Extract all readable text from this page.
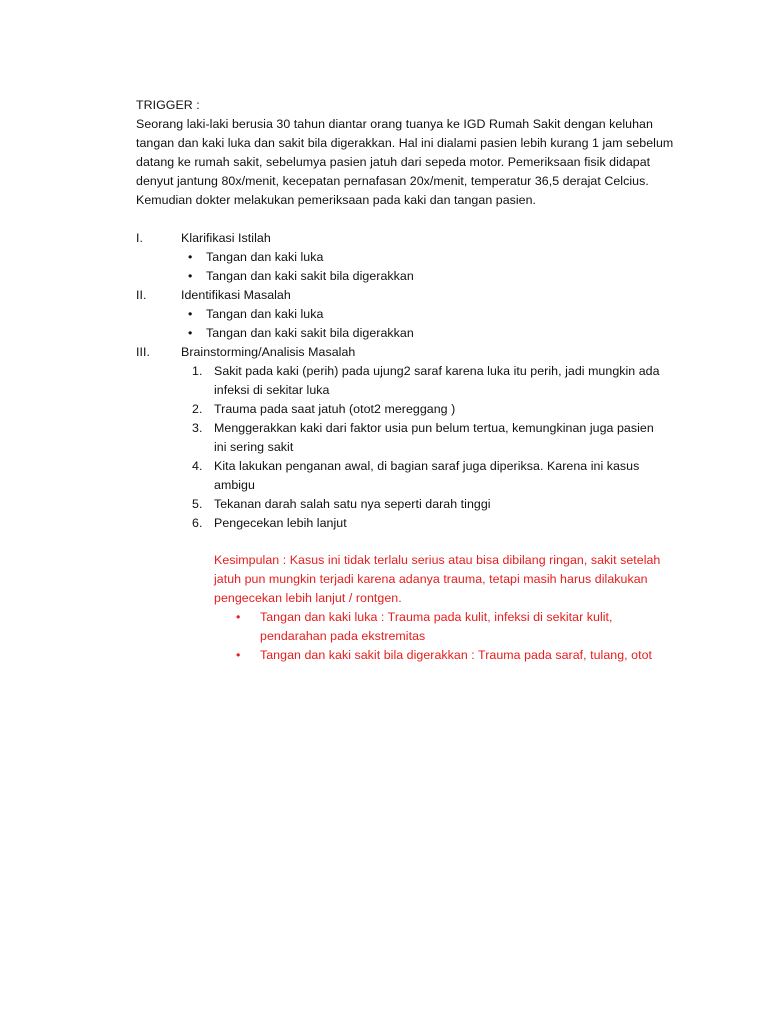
TRIGGER :

Seorang laki-laki berusia 30 tahun diantar orang tuanya ke IGD Rumah Sakit dengan keluhan tangan dan kaki luka dan sakit bila digerakkan. Hal ini dialami pasien lebih kurang 1 jam sebelum datang ke rumah sakit, sebelumya pasien jatuh dari sepeda motor. Pemeriksaan fisik didapat denyut jantung 80x/menit, kecepatan pernafasan 20x/menit, temperatur 36,5 derajat Celcius. Kemudian dokter melakukan pemeriksaan pada kaki dan tangan pasien.

I.	Klarifikasi Istilah
• Tangan dan kaki luka
• Tangan dan kaki sakit bila digerakkan
II.	Identifikasi Masalah
• Tangan dan kaki luka
• Tangan dan kaki sakit bila digerakkan
III.	Brainstorming/Analisis Masalah
1. Sakit pada kaki (perih) pada ujung2 saraf karena luka itu perih, jadi mungkin ada infeksi di sekitar luka
2. Trauma pada saat jatuh (otot2 mereggang )
3. Menggerakkan kaki dari faktor usia pun belum tertua, kemungkinan juga pasien ini sering sakit
4. Kita lakukan penganan awal, di bagian saraf juga diperiksa. Karena ini kasus ambigu
5. Tekanan darah salah satu nya seperti darah tinggi
6. Pengecekan lebih lanjut

Kesimpulan : Kasus ini tidak terlalu serius atau bisa dibilang ringan, sakit setelah jatuh pun mungkin terjadi karena adanya trauma, tetapi masih harus dilakukan pengecekan lebih lanjut / rontgen.

• Tangan dan kaki luka : Trauma pada kulit, infeksi di sekitar kulit, pendarahan pada ekstremitas
• Tangan dan kaki sakit bila digerakkan : Trauma pada saraf, tulang, otot
